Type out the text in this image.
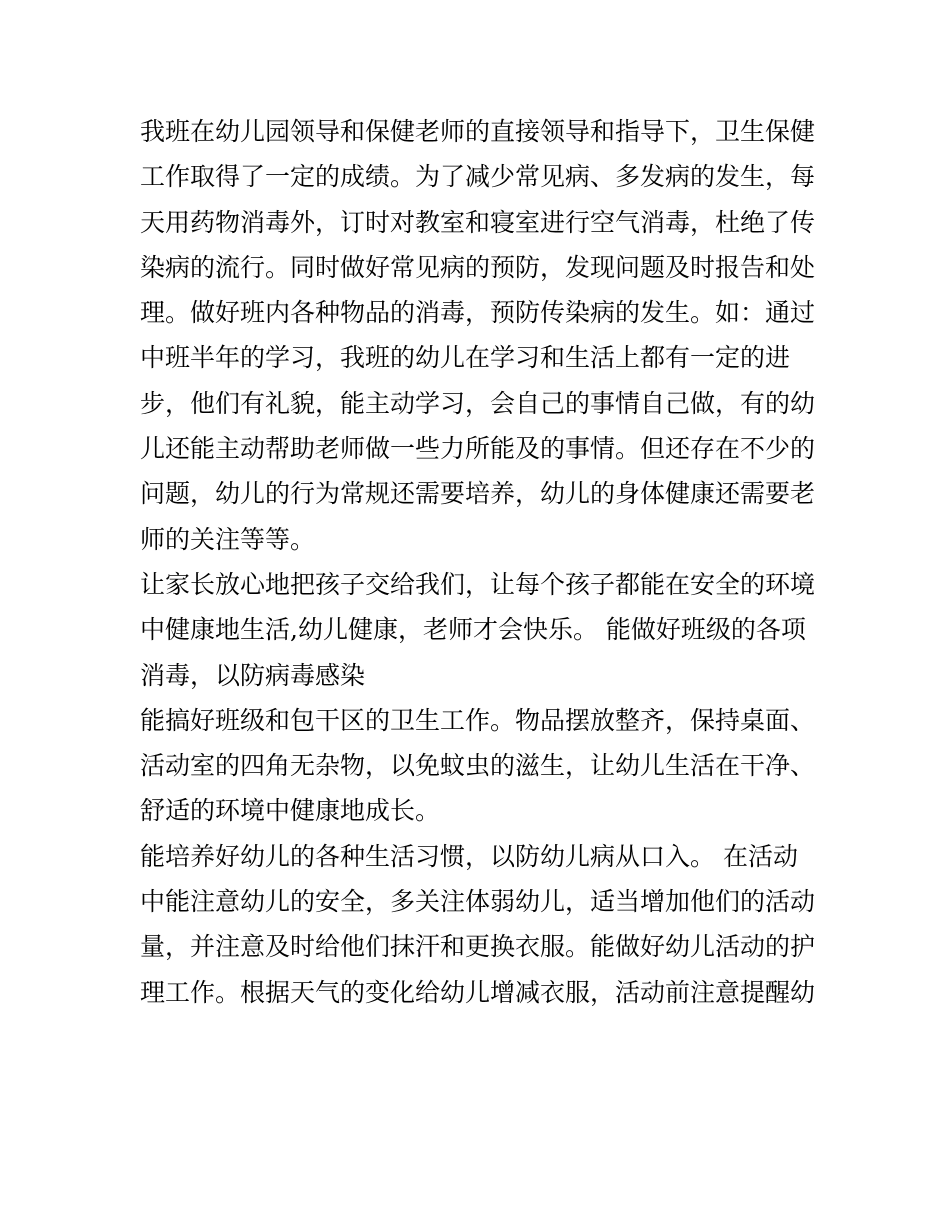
我班在幼儿园领导和保健老师的直接领导和指导下，卫生保健
工作取得了一定的成绩。为了减少常见病、多发病的发生，每
天用药物消毒外，订时对教室和寝室进行空气消毒，杜绝了传
染病的流行。同时做好常见病的预防，发现问题及时报告和处
理。做好班内各种物品的消毒，预防传染病的发生。如：通过
中班半年的学习，我班的幼儿在学习和生活上都有一定的进
步，他们有礼貌，能主动学习，会自己的事情自己做，有的幼
儿还能主动帮助老师做一些力所能及的事情。但还存在不少的
问题，幼儿的行为常规还需要培养，幼儿的身体健康还需要老
师的关注等等。
让家长放心地把孩子交给我们，让每个孩子都能在安全的环境
中健康地生活,幼儿健康，老师才会快乐。 能做好班级的各项
消毒，以防病毒感染
能搞好班级和包干区的卫生工作。物品摆放整齐，保持桌面、
活动室的四角无杂物，以免蚊虫的滋生，让幼儿生活在干净、
舒适的环境中健康地成长。
能培养好幼儿的各种生活习惯，以防幼儿病从口入。 在活动
中能注意幼儿的安全，多关注体弱幼儿，适当增加他们的活动
量，并注意及时给他们抹汗和更换衣服。能做好幼儿活动的护
理工作。根据天气的变化给幼儿增减衣服，活动前注意提醒幼
